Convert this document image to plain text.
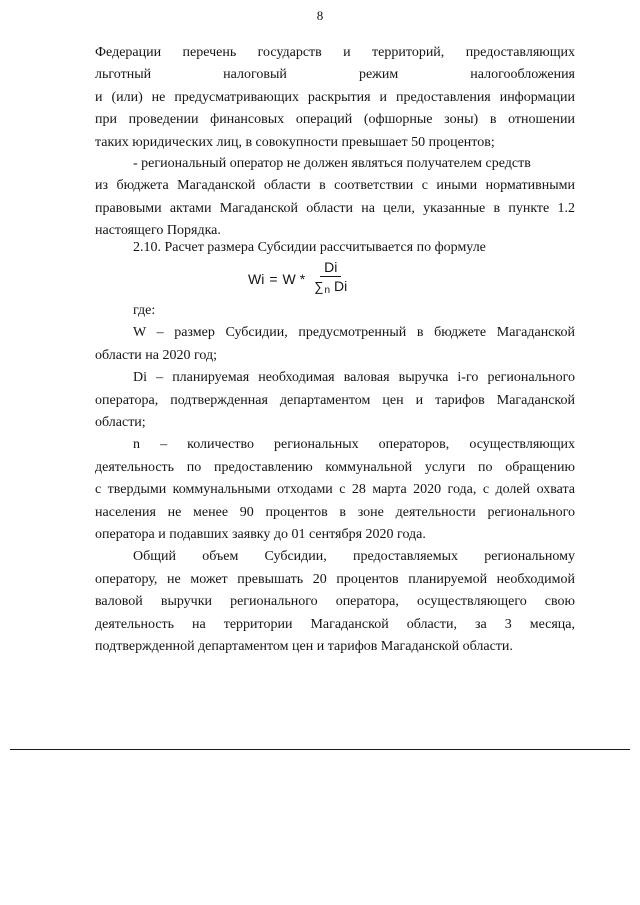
8
Федерации перечень государств и территорий, предоставляющих
льготный налоговый режим налогообложения
и (или) не предусматривающих раскрытия и предоставления информации
при проведении финансовых операций (офшорные зоны) в отношении
таких юридических лиц, в совокупности превышает 50 процентов;
- региональный оператор не должен являться получателем средств
из бюджета Магаданской области в соответствии с иными нормативными
правовыми актами Магаданской области на цели, указанные в пункте 1.2
настоящего Порядка.
2.10. Расчет размера Субсидии рассчитывается по формуле
$Wi = W * \frac{Di}{\sum_n Di}$
где:
W – размер Субсидии, предусмотренный в бюджете Магаданской
области на 2020 год;
Di – планируемая необходимая валовая выручка i-го регионального
оператора, подтвержденная департаментом цен и тарифов Магаданской
области;
n – количество региональных операторов, осуществляющих
деятельность по предоставлению коммунальной услуги по обращению
с твердыми коммунальными отходами с 28 марта 2020 года, с долей охвата
населения не менее 90 процентов в зоне деятельности регионального
оператора и подавших заявку до 01 сентября 2020 года.
Общий объем Субсидии, предоставляемых региональному
оператору, не может превышать 20 процентов планируемой необходимой
валовой выручки регионального оператора, осуществляющего свою
деятельность на территории Магаданской области, за 3 месяца,
подтвержденной департаментом цен и тарифов Магаданской области.
